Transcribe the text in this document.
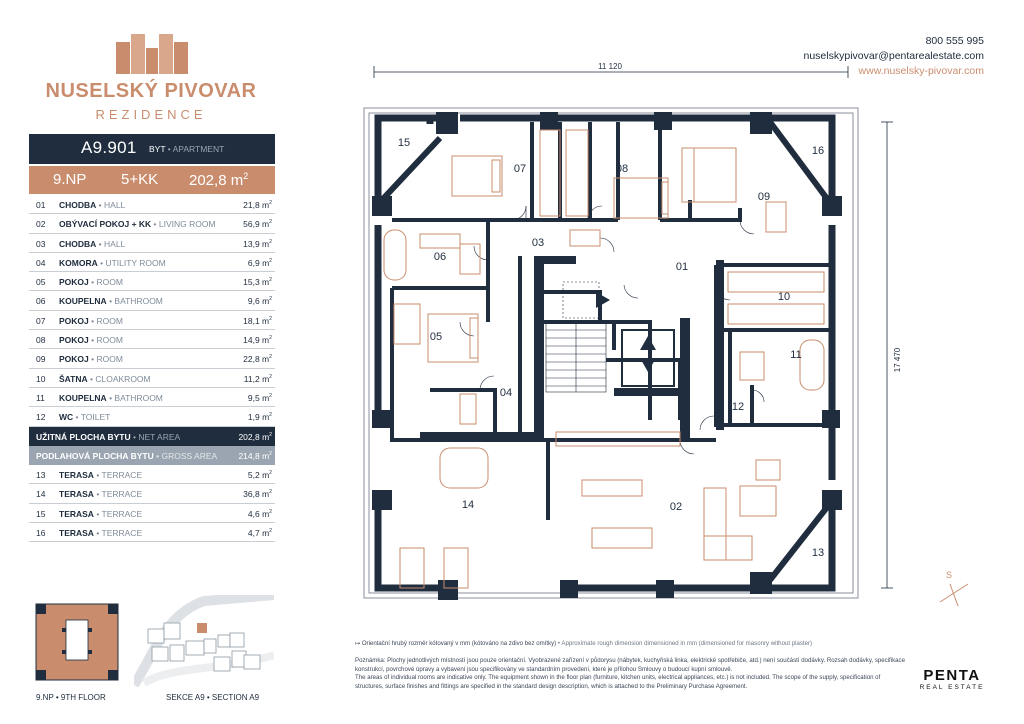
NUSELSKÝ PIVOVAR
REZIDENCE
800 555 995
nuselskypivovar@pentarealestate.com
www.nuselsky-pivovar.com
A9.901 BYT • APARTMENT
9.NP 5+KK 202,8 $m^2$
01 CHODBA • HALL	21,8 $m^2$
02 OBÝVACÍ POKOJ + KK • LIVING ROOM	56,9 $m^2$
03 CHODBA • HALL	13,9 $m^2$
04 KOMORA • UTILITY ROOM	6,9 $m^2$
05 POKOJ • ROOM	15,3 $m^2$
06 KOUPELNA • BATHROOM	9,6 $m^2$
07 POKOJ • ROOM	18,1 $m^2$
08 POKOJ • ROOM	14,9 $m^2$
09 POKOJ • ROOM	22,8 $m^2$
10 ŠATNA • CLOAKROOM	11,2 $m^2$
11 KOUPELNA • BATHROOM	9,5 $m^2$
12 WC • TOILET	1,9 $m^2$
UŽITNÁ PLOCHA BYTU • NET AREA	202,8 $m^2$
PODLAHOVÁ PLOCHA BYTU • GROSS AREA 214,8 $m^2$
13 TERASA • TERRACE	5,2 $m^2$
14 TERASA • TERRACE	36,8 $m^2$
15 TERASA • TERRACE	4,6 $m^2$
16 TERASA • TERRACE	4,7 $m^2$
9.NP • 9TH FLOOR	SEKCE A9 • SECTION A9
11 120
17 470
01
02
03
04
05
06
07	08
09
10
11
12
13
14
15
16
S
↦ Orientační hrubý rozměr kótovaný v mm (kótováno na zdivo bez omítky) • Approximate rough dimension dimensioned in mm (dimensioned for masonry without plaster)
Poznámka: Plochy jednotlivých místností jsou pouze orientační. Vyobrazené zařízení v půdorysu (nábytek, kuchyňská linka, elektrické spotřebiče, atd.) není součástí dodávky. Rozsah dodávky, specifikace konstrukcí, povrchové úpravy a vybavení jsou specifikovány ve standardním provedení, které je přílohou Smlouvy o budoucí kupní smlouvě.
The areas of individual rooms are indicative only. The equipment shown in the floor plan (furniture, kitchen units, electrical appliances, etc.) is not included. The scope of the supply, specification of structures, surface finishes and fittings are specified in the standard design description, which is attached to the Preliminary Purchase Agreement.
PENTA
REAL ESTATE
